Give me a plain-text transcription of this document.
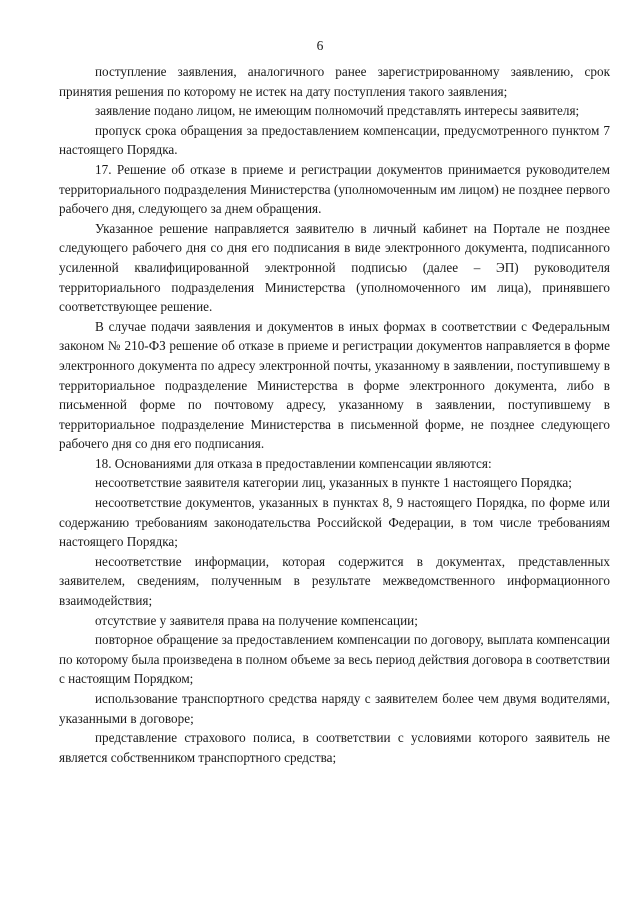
6

поступление заявления, аналогичного ранее зарегистрированному заявлению, срок принятия решения по которому не истек на дату поступления такого заявления;

заявление подано лицом, не имеющим полномочий представлять интересы заявителя;

пропуск срока обращения за предоставлением компенсации, предусмотренного пунктом 7 настоящего Порядка.

17. Решение об отказе в приеме и регистрации документов принимается руководителем территориального подразделения Министерства (уполномоченным им лицом) не позднее первого рабочего дня, следующего за днем обращения.

Указанное решение направляется заявителю в личный кабинет на Портале не позднее следующего рабочего дня со дня его подписания в виде электронного документа, подписанного усиленной квалифицированной электронной подписью (далее – ЭП) руководителя территориального подразделения Министерства (уполномоченного им лица), принявшего соответствующее решение.

В случае подачи заявления и документов в иных формах в соответствии с Федеральным законом № 210-ФЗ решение об отказе в приеме и регистрации документов направляется в форме электронного документа по адресу электронной почты, указанному в заявлении, поступившему в территориальное подразделение Министерства в форме электронного документа, либо в письменной форме по почтовому адресу, указанному в заявлении, поступившему в территориальное подразделение Министерства в письменной форме, не позднее следующего рабочего дня со дня его подписания.

18. Основаниями для отказа в предоставлении компенсации являются:

несоответствие заявителя категории лиц, указанных в пункте 1 настоящего Порядка;

несоответствие документов, указанных в пунктах 8, 9 настоящего Порядка, по форме или содержанию требованиям законодательства Российской Федерации, в том числе требованиям настоящего Порядка;

несоответствие информации, которая содержится в документах, представленных заявителем, сведениям, полученным в результате межведомственного информационного взаимодействия;

отсутствие у заявителя права на получение компенсации;

повторное обращение за предоставлением компенсации по договору, выплата компенсации по которому была произведена в полном объеме за весь период действия договора в соответствии с настоящим Порядком;

использование транспортного средства наряду с заявителем более чем двумя водителями, указанными в договоре;

представление страхового полиса, в соответствии с условиями которого заявитель не является собственником транспортного средства;
